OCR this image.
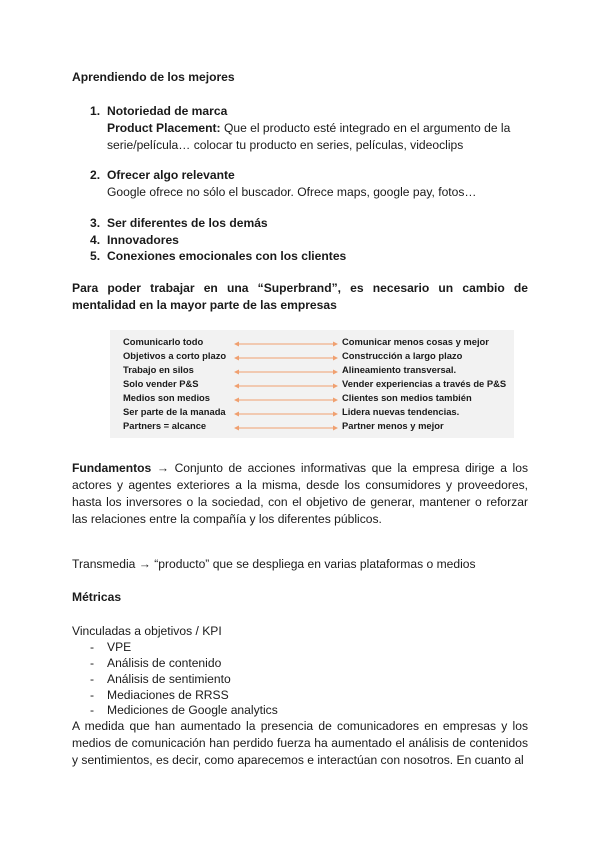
Aprendiendo de los mejores
1. Notoriedad de marca
Product Placement: Que el producto esté integrado en el argumento de la
serie/película… colocar tu producto en series, películas, videoclips
2. Ofrecer algo relevante
Google ofrece no sólo el buscador. Ofrece maps, google pay, fotos…
3. Ser diferentes de los demás
4. Innovadores
5. Conexiones emocionales con los clientes
Para poder trabajar en una “Superbrand”, es necesario un cambio de mentalidad en la mayor parte de las empresas
Comunicarlo todo	Comunicar menos cosas y mejor
Objetivos a corto plazo	Construcción a largo plazo
Trabajo en silos	Alineamiento transversal.
Solo vender P&S	Vender experiencias a través de P&S
Medios son medios	Clientes son medios también
Ser parte de la manada	Lidera nuevas tendencias.
Partners = alcance	Partner menos y mejor
Fundamentos → Conjunto de acciones informativas que la empresa dirige a los actores y agentes exteriores a la misma, desde los consumidores y proveedores, hasta los inversores o la sociedad, con el objetivo de generar, mantener o reforzar las relaciones entre la compañía y los diferentes públicos.
Transmedia → “producto” que se despliega en varias plataformas o medios
Métricas
Vinculadas a objetivos / KPI
- VPE
- Análisis de contenido
- Análisis de sentimiento
- Mediaciones de RRSS
- Mediciones de Google analytics
A medida que han aumentado la presencia de comunicadores en empresas y los medios de comunicación han perdido fuerza ha aumentado el análisis de contenidos y sentimientos, es decir, como aparecemos e interactúan con nosotros. En cuanto al
